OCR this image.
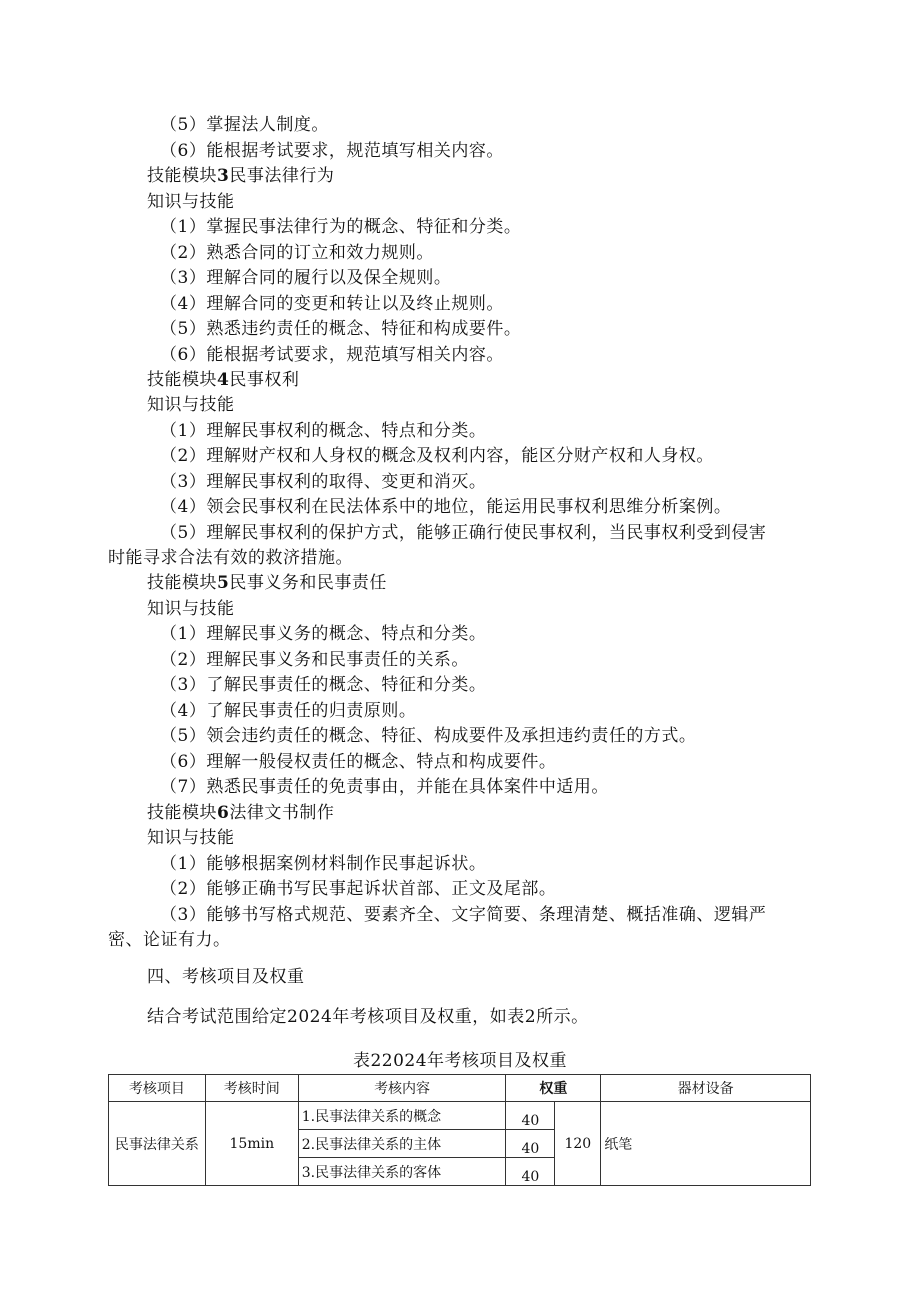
（5）掌握法人制度。
（6）能根据考试要求，规范填写相关内容。
技能模块3民事法律行为
知识与技能
（1）掌握民事法律行为的概念、特征和分类。
（2）熟悉合同的订立和效力规则。
（3）理解合同的履行以及保全规则。
（4）理解合同的变更和转让以及终止规则。
（5）熟悉违约责任的概念、特征和构成要件。
（6）能根据考试要求，规范填写相关内容。
技能模块4民事权利
知识与技能
（1）理解民事权利的概念、特点和分类。
（2）理解财产权和人身权的概念及权利内容，能区分财产权和人身权。
（3）理解民事权利的取得、变更和消灭。
（4）领会民事权利在民法体系中的地位，能运用民事权利思维分析案例。
（5）理解民事权利的保护方式，能够正确行使民事权利，当民事权利受到侵害
时能寻求合法有效的救济措施。
技能模块5民事义务和民事责任
知识与技能
（1）理解民事义务的概念、特点和分类。
（2）理解民事义务和民事责任的关系。
（3）了解民事责任的概念、特征和分类。
（4）了解民事责任的归责原则。
（5）领会违约责任的概念、特征、构成要件及承担违约责任的方式。
（6）理解一般侵权责任的概念、特点和构成要件。
（7）熟悉民事责任的免责事由，并能在具体案件中适用。
技能模块6法律文书制作
知识与技能
（1）能够根据案例材料制作民事起诉状。
（2）能够正确书写民事起诉状首部、正文及尾部。
（3）能够书写格式规范、要素齐全、文字简要、条理清楚、概括准确、逻辑严
密、论证有力。
四、考核项目及权重
结合考试范围给定2024年考核项目及权重，如表2所示。
表22024年考核项目及权重
考核项目	考核时间	考核内容	权重		器材设备
民事法律关系	15min	1.民事法律关系的概念	40	120	纸笔
		2.民事法律关系的主体	40		
		3.民事法律关系的客体	40		
